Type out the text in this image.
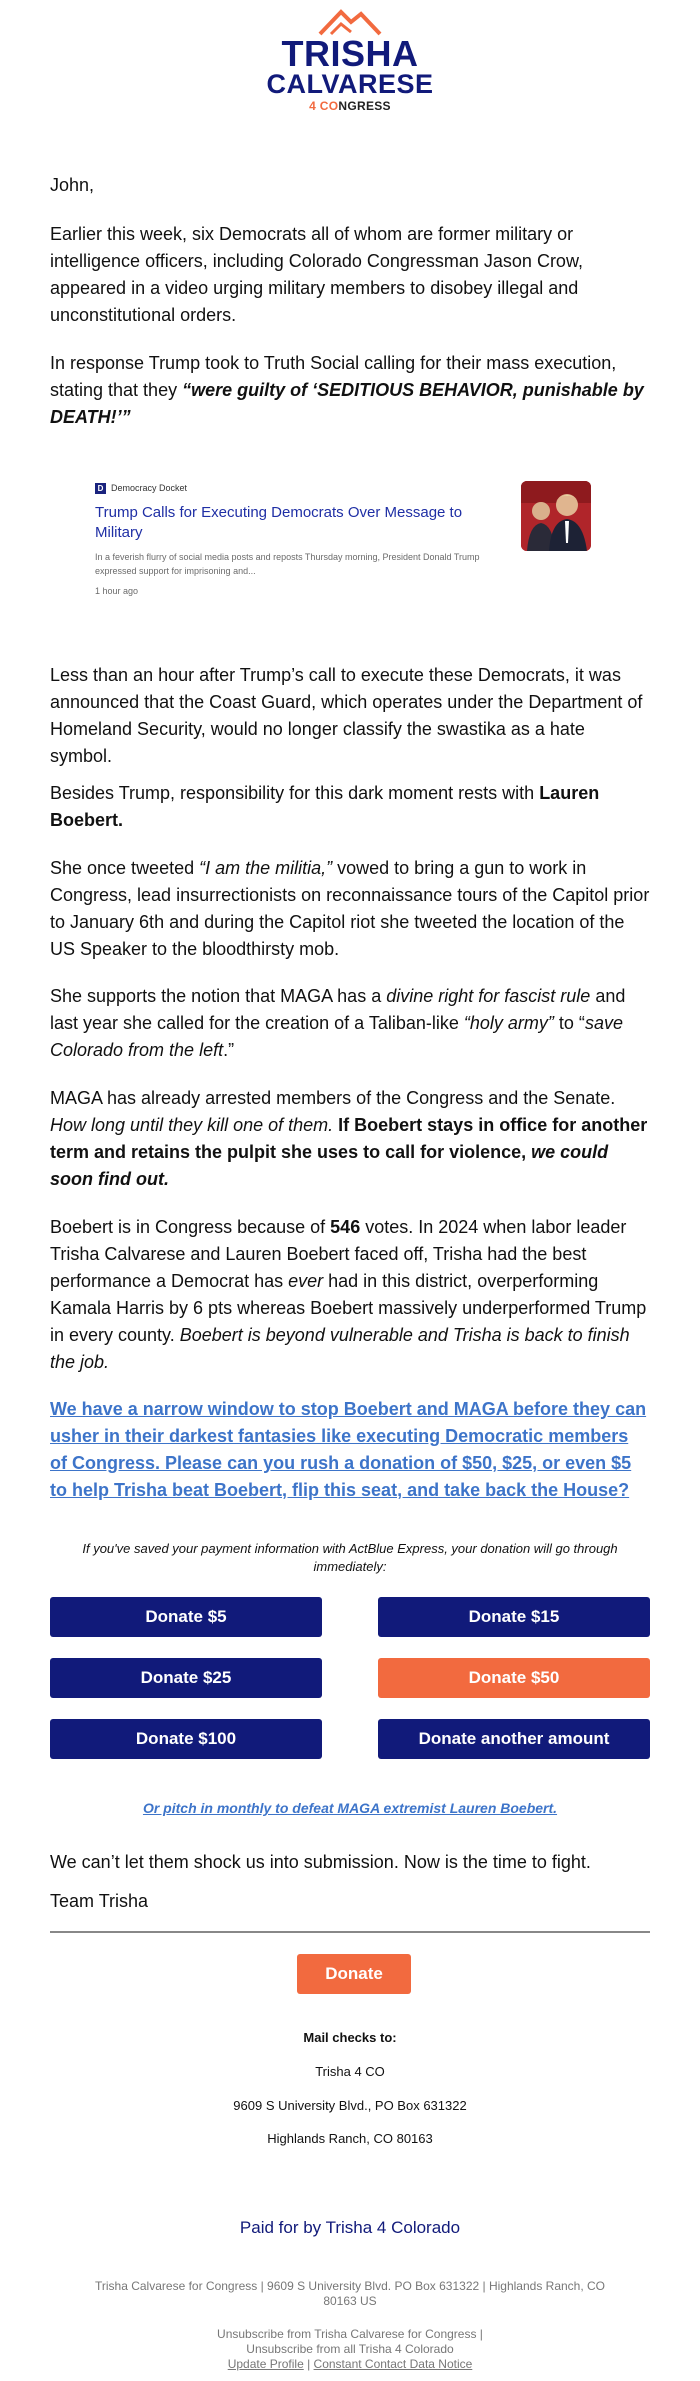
TRISHA
CALVARESE
4 CONGRESS

John,

Earlier this week, six Democrats all of whom are former military or intelligence officers, including Colorado Congressman Jason Crow, appeared in a video urging military members to disobey illegal and unconstitutional orders.

In response Trump took to Truth Social calling for their mass execution, stating that they “were guilty of ‘SEDITIOUS BEHAVIOR, punishable by DEATH!’”

D Democracy Docket
Trump Calls for Executing Democrats Over Message to Military
In a feverish flurry of social media posts and reposts Thursday morning, President Donald Trump expressed support for imprisoning and...
1 hour ago

Less than an hour after Trump’s call to execute these Democrats, it was announced that the Coast Guard, which operates under the Department of Homeland Security, would no longer classify the swastika as a hate symbol.

Besides Trump, responsibility for this dark moment rests with Lauren Boebert.

She once tweeted “I am the militia,” vowed to bring a gun to work in Congress, lead insurrectionists on reconnaissance tours of the Capitol prior to January 6th and during the Capitol riot she tweeted the location of the US Speaker to the bloodthirsty mob.

She supports the notion that MAGA has a divine right for fascist rule and last year she called for the creation of a Taliban-like “holy army” to “save Colorado from the left.”

MAGA has already arrested members of the Congress and the Senate. How long until they kill one of them. If Boebert stays in office for another term and retains the pulpit she uses to call for violence, we could soon find out.

Boebert is in Congress because of 546 votes. In 2024 when labor leader Trisha Calvarese and Lauren Boebert faced off, Trisha had the best performance a Democrat has ever had in this district, overperforming Kamala Harris by 6 pts whereas Boebert massively underperformed Trump in every county. Boebert is beyond vulnerable and Trisha is back to finish the job.

We have a narrow window to stop Boebert and MAGA before they can usher in their darkest fantasies like executing Democratic members of Congress. Please can you rush a donation of $50, $25, or even $5 to help Trisha beat Boebert, flip this seat, and take back the House?
If you've saved your payment information with ActBlue Express, your donation will go through immediately:
Donate $5	Donate $15
Donate $25	Donate $50
Donate $100	Donate another amount
Or pitch in monthly to defeat MAGA extremist Lauren Boebert.

We can’t let them shock us into submission. Now is the time to fight.

Team Trisha

Donate
Mail checks to:
Trisha 4 CO
9609 S University Blvd., PO Box 631322
Highlands Ranch, CO 80163
Paid for by Trisha 4 Colorado
Trisha Calvarese for Congress | 9609 S University Blvd. PO Box 631322 | Highlands Ranch, CO
80163 US
Unsubscribe from Trisha Calvarese for Congress |
Unsubscribe from all Trisha 4 Colorado
Update Profile | Constant Contact Data Notice
